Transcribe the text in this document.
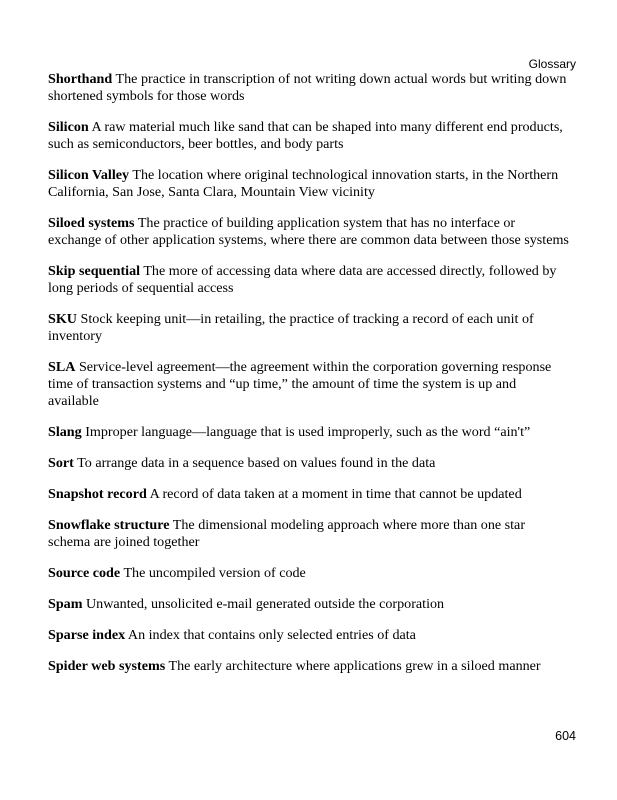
Glossary

Shorthand The practice in transcription of not writing down actual words but writing down shortened symbols for those words

Silicon A raw material much like sand that can be shaped into many different end products, such as semiconductors, beer bottles, and body parts

Silicon Valley The location where original technological innovation starts, in the Northern California, San Jose, Santa Clara, Mountain View vicinity

Siloed systems The practice of building application system that has no interface or exchange of other application systems, where there are common data between those systems

Skip sequential The more of accessing data where data are accessed directly, followed by long periods of sequential access

SKU Stock keeping unit—in retailing, the practice of tracking a record of each unit of inventory

SLA Service-level agreement—the agreement within the corporation governing response time of transaction systems and “up time,” the amount of time the system is up and available

Slang Improper language—language that is used improperly, such as the word “ain't”

Sort To arrange data in a sequence based on values found in the data

Snapshot record A record of data taken at a moment in time that cannot be updated

Snowflake structure The dimensional modeling approach where more than one star schema are joined together

Source code The uncompiled version of code

Spam Unwanted, unsolicited e-mail generated outside the corporation

Sparse index An index that contains only selected entries of data

Spider web systems The early architecture where applications grew in a siloed manner

604
